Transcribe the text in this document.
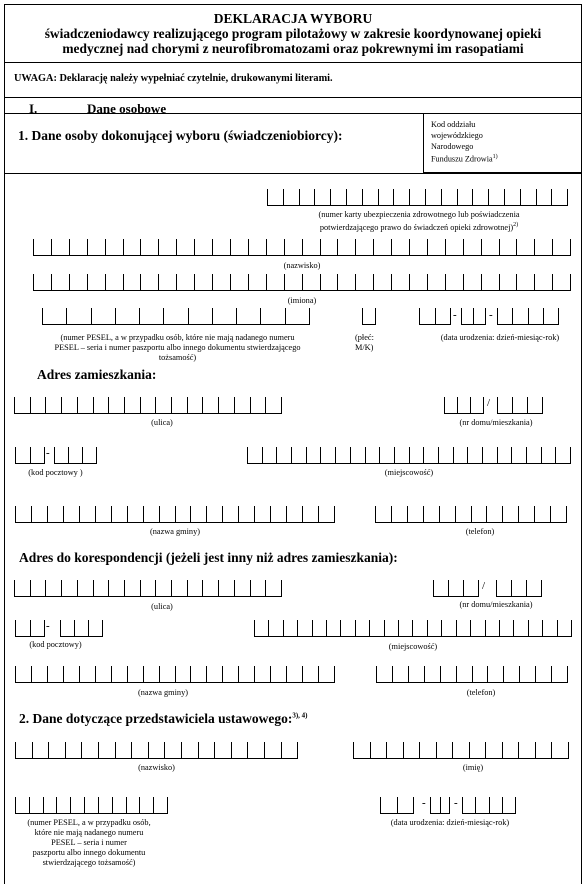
DEKLARACJA WYBORU
świadczeniodawcy realizującego program pilotażowy w zakresie koordynowanej opieki
medycznej nad chorymi z neurofibromatozami oraz pokrewnymi im rasopatiami
UWAGA: Deklarację należy wypełniać czytelnie, drukowanymi literami.
I.	Dane osobowe
1. Dane osoby dokonującej wyboru (świadczeniobiorcy):
Kod oddziału
wojewódzkiego
Narodowego
Funduszu Zdrowia$^{1)}$
(numer karty ubezpieczenia zdrowotnego lub poświadczenia
potwierdzającego prawo do świadczeń opieki zdrowotnej)$^{2)}$
(nazwisko)
(imiona)
(numer PESEL, a w przypadku osób, które nie mają nadanego numeru
PESEL – seria i numer paszportu albo innego dokumentu stwierdzającego
tożsamość)
(płeć:
M/K)
-	-
(data urodzenia: dzień-miesiąc-rok)
Adres zamieszkania:
(ulica)
/
(nr domu/mieszkania)
-
(kod pocztowy )	(miejscowość)
(nazwa gminy)	(telefon)
Adres do korespondencji (jeżeli jest inny niż adres zamieszkania):
(ulica)
/
(nr domu/mieszkania)
-
(kod pocztowy)	(miejscowość)
(nazwa gminy)	(telefon)
2. Dane dotyczące przedstawiciela ustawowego:$^{3), 4)}$
(nazwisko)	(imię)
(numer PESEL, a w przypadku osób,
które nie mają nadanego numeru
PESEL – seria i numer
paszportu albo innego dokumentu
stwierdzającego tożsamość)
-	-
(data urodzenia: dzień-miesiąc-rok)
